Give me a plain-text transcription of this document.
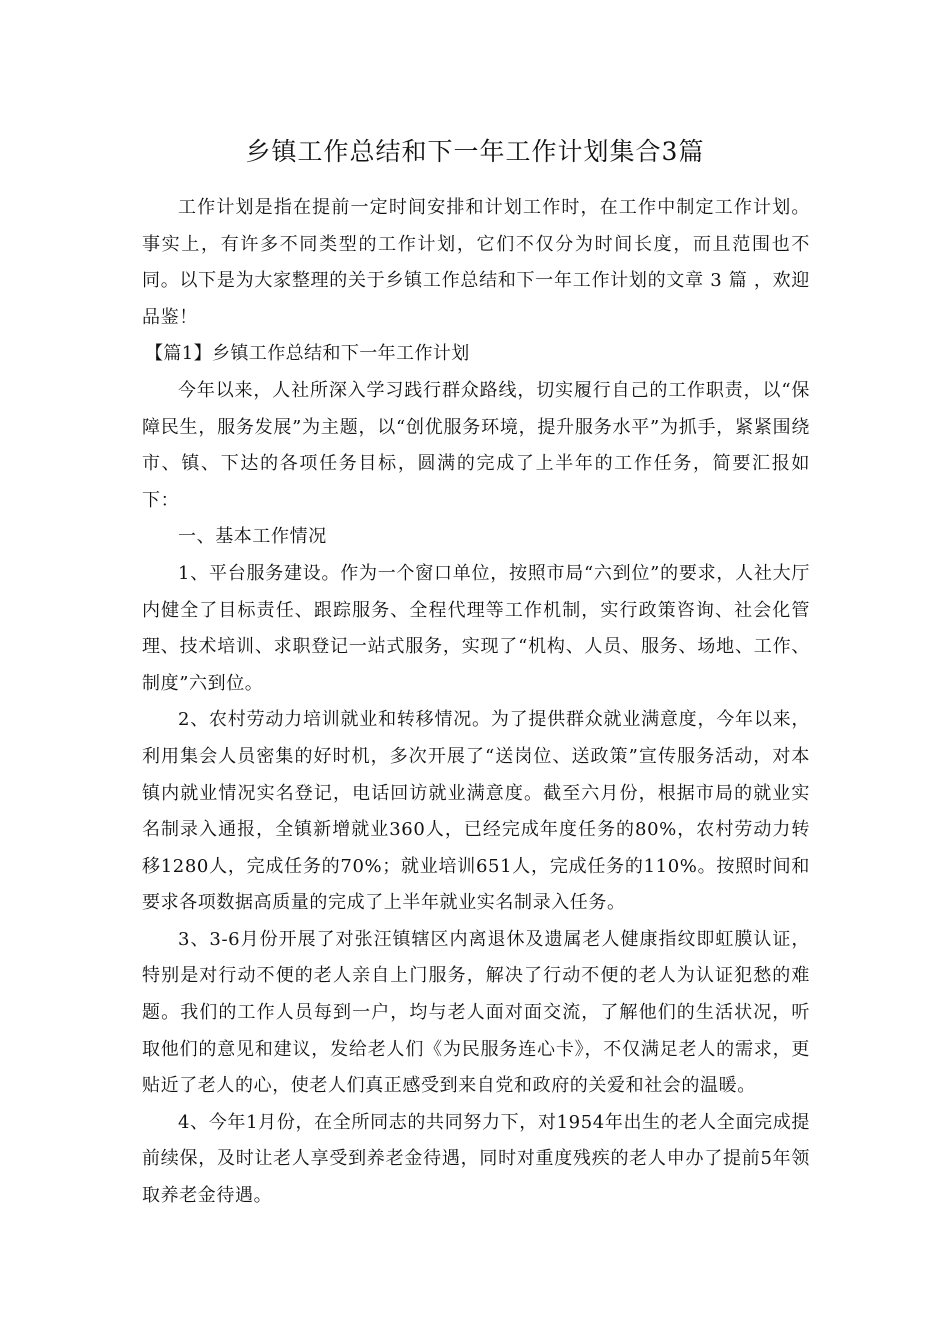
乡镇工作总结和下一年工作计划集合3篇

工作计划是指在提前一定时间安排和计划工作时，在工作中制定工作计划。事实上，有许多不同类型的工作计划，它们不仅分为时间长度，而且范围也不同。以下是为大家整理的关于乡镇工作总结和下一年工作计划的文章 3 篇 ，欢迎品鉴！

【篇1】乡镇工作总结和下一年工作计划

今年以来，人社所深入学习践行群众路线，切实履行自己的工作职责，以“保障民生，服务发展”为主题，以“创优服务环境，提升服务水平”为抓手，紧紧围绕市、镇、下达的各项任务目标，圆满的完成了上半年的工作任务，简要汇报如下：

一、基本工作情况

1、平台服务建设。作为一个窗口单位，按照市局“六到位”的要求，人社大厅内健全了目标责任、跟踪服务、全程代理等工作机制，实行政策咨询、社会化管理、技术培训、求职登记一站式服务，实现了“机构、人员、服务、场地、工作、制度”六到位。

2、农村劳动力培训就业和转移情况。为了提供群众就业满意度，今年以来，利用集会人员密集的好时机，多次开展了“送岗位、送政策”宣传服务活动，对本镇内就业情况实名登记，电话回访就业满意度。截至六月份，根据市局的就业实名制录入通报，全镇新增就业360人，已经完成年度任务的80%，农村劳动力转移1280人，完成任务的70%；就业培训651人，完成任务的110%。按照时间和要求各项数据高质量的完成了上半年就业实名制录入任务。

3、3-6月份开展了对张汪镇辖区内离退休及遗属老人健康指纹即虹膜认证，特别是对行动不便的老人亲自上门服务，解决了行动不便的老人为认证犯愁的难题。我们的工作人员每到一户，均与老人面对面交流，了解他们的生活状况，听取他们的意见和建议，发给老人们《为民服务连心卡》，不仅满足老人的需求，更贴近了老人的心，使老人们真正感受到来自党和政府的关爱和社会的温暖。

4、今年1月份，在全所同志的共同努力下，对1954年出生的老人全面完成提前续保，及时让老人享受到养老金待遇，同时对重度残疾的老人申办了提前5年领取养老金待遇。
